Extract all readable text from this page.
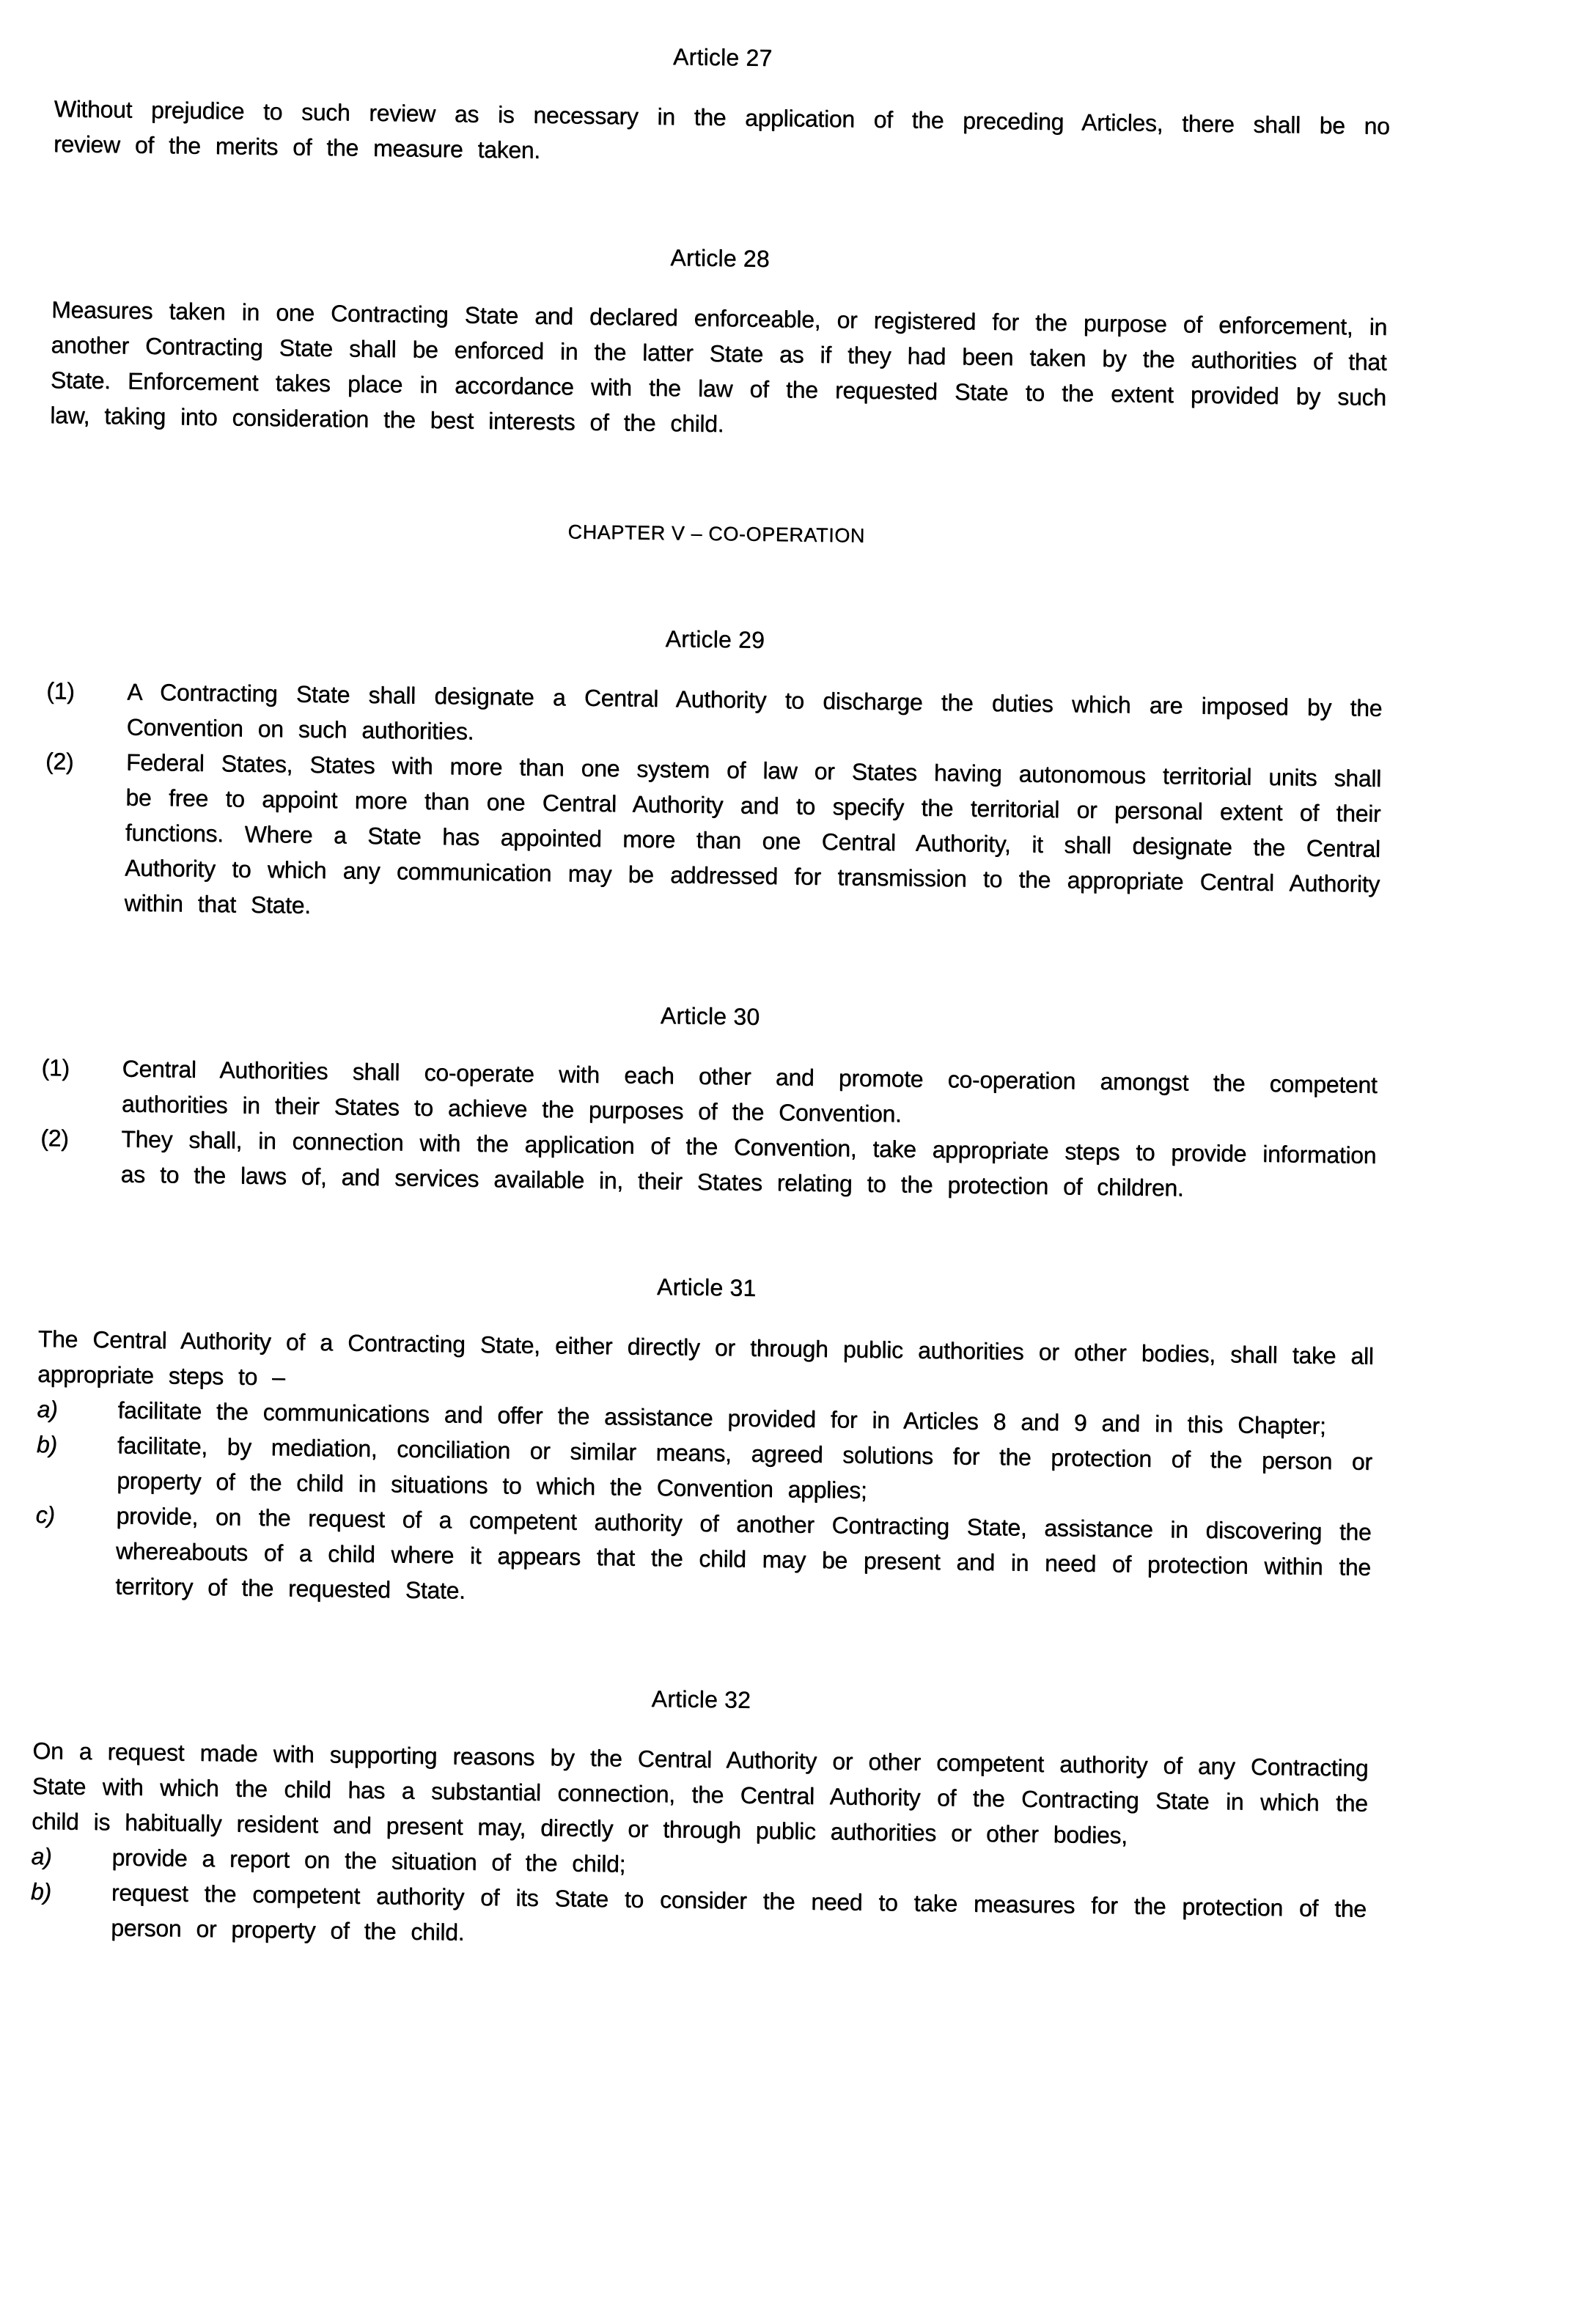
Article 27

Without prejudice to such review as is necessary in the application of the preceding Articles, there shall be no review of the merits of the measure taken.

Article 28

Measures taken in one Contracting State and declared enforceable, or registered for the purpose of enforcement, in another Contracting State shall be enforced in the latter State as if they had been taken by the authorities of that State. Enforcement takes place in accordance with the law of the requested State to the extent provided by such law, taking into consideration the best interests of the child.

CHAPTER V – CO-OPERATION
Article 29
(1) A Contracting State shall designate a Central Authority to discharge the duties which are imposed by the Convention on such authorities.
(2) Federal States, States with more than one system of law or States having autonomous territorial units shall be free to appoint more than one Central Authority and to specify the territorial or personal extent of their functions. Where a State has appointed more than one Central Authority, it shall designate the Central Authority to which any communication may be addressed for transmission to the appropriate Central Authority within that State.
Article 30
(1) Central Authorities shall co-operate with each other and promote co-operation amongst the competent authorities in their States to achieve the purposes of the Convention.
(2) They shall, in connection with the application of the Convention, take appropriate steps to provide information as to the laws of, and services available in, their States relating to the protection of children.
Article 31

The Central Authority of a Contracting State, either directly or through public authorities or other bodies, shall take all appropriate steps to –

a)	facilitate the communications and offer the assistance provided for in Articles 8 and 9 and in this Chapter;
b)	facilitate, by mediation, conciliation or similar means, agreed solutions for the protection of the person or property of the child in situations to which the Convention applies;
c)	provide, on the request of a competent authority of another Contracting State, assistance in discovering the whereabouts of a child where it appears that the child may be present and in need of protection within the territory of the requested State.
Article 32

On a request made with supporting reasons by the Central Authority or other competent authority of any Contracting State with which the child has a substantial connection, the Central Authority of the Contracting State in which the child is habitually resident and present may, directly or through public authorities or other bodies,

a)	provide a report on the situation of the child;
b)	request the competent authority of its State to consider the need to take measures for the protection of the person or property of the child.
